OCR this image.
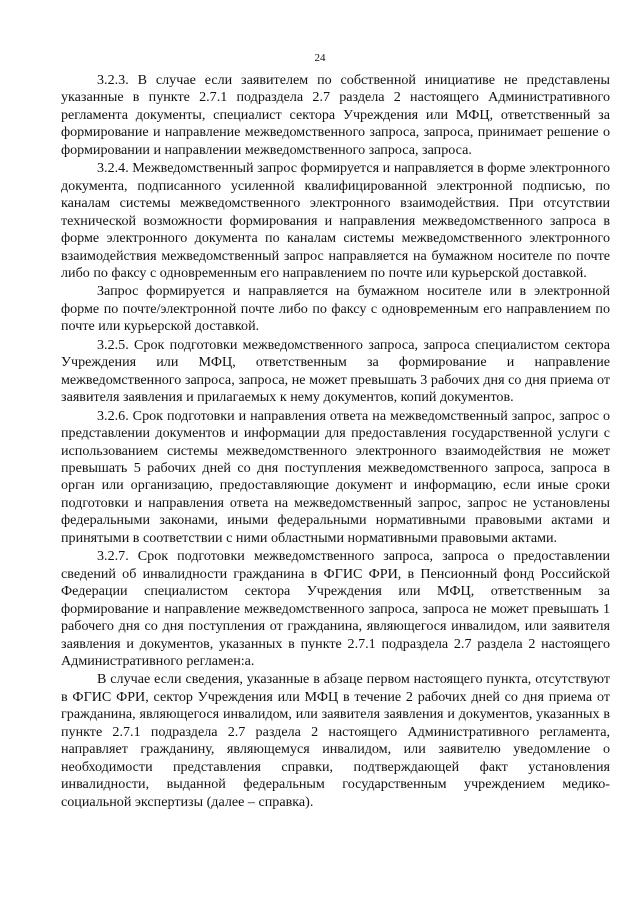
24

3.2.3. В случае если заявителем по собственной инициативе не представлены указанные в пункте 2.7.1 подраздела 2.7 раздела 2 настоящего Административного регламента документы, специалист сектора Учреждения или МФЦ, ответственный за формирование и направление межведомственного запроса, запроса, принимает решение о формировании и направлении межведомственного запроса, запроса.

3.2.4. Межведомственный запрос формируется и направляется в форме электронного документа, подписанного усиленной квалифицированной электронной подписью, по каналам системы межведомственного электронного взаимодействия. При отсутствии технической возможности формирования и направления межведомственного запроса в форме электронного документа по каналам системы межведомственного электронного взаимодействия межведомственный запрос направляется на бумажном носителе по почте либо по факсу с одновременным его направлением по почте или курьерской доставкой.

Запрос формируется и направляется на бумажном носителе или в электронной форме по почте/электронной почте либо по факсу с одновременным его направлением по почте или курьерской доставкой.

3.2.5. Срок подготовки межведомственного запроса, запроса специалистом сектора Учреждения или МФЦ, ответственным за формирование и направление межведомственного запроса, запроса, не может превышать 3 рабочих дня со дня приема от заявителя заявления и прилагаемых к нему документов, копий документов.

3.2.6. Срок подготовки и направления ответа на межведомственный запрос, запрос о представлении документов и информации для предоставления государственной услуги с использованием системы межведомственного электронного взаимодействия не может превышать 5 рабочих дней со дня поступления межведомственного запроса, запроса в орган или организацию, предоставляющие документ и информацию, если иные сроки подготовки и направления ответа на межведомственный запрос, запрос не установлены федеральными законами, иными федеральными нормативными правовыми актами и принятыми в соответствии с ними областными нормативными правовыми актами.

3.2.7. Срок подготовки межведомственного запроса, запроса о предоставлении сведений об инвалидности гражданина в ФГИС ФРИ, в Пенсионный фонд Российской Федерации специалистом сектора Учреждения или МФЦ, ответственным за формирование и направление межведомственного запроса, запроса не может превышать 1 рабочего дня со дня поступления от гражданина, являющегося инвалидом, или заявителя заявления и документов, указанных в пункте 2.7.1 подраздела 2.7 раздела 2 настоящего Административного регламен:а.

В случае если сведения, указанные в абзаце первом настоящего пункта, отсутствуют в ФГИС ФРИ, сектор Учреждения или МФЦ в течение 2 рабочих дней со дня приема от гражданина, являющегося инвалидом, или заявителя заявления и документов, указанных в пункте 2.7.1 подраздела 2.7 раздела 2 настоящего Административного регламента, направляет гражданину, являющемуся инвалидом, или заявителю уведомление о необходимости представления справки, подтверждающей факт установления инвалидности, выданной федеральным государственным учреждением медико-социальной экспертизы (далее – справка).
